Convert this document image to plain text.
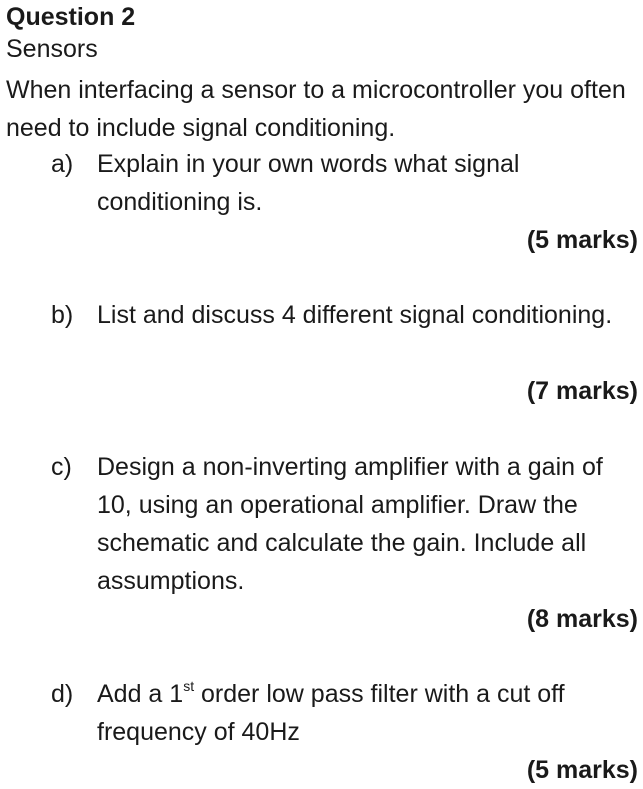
Question 2
Sensors
When interfacing a sensor to a microcontroller you often need to include signal conditioning.
a) Explain in your own words what signal conditioning is.
(5 marks)
b) List and discuss 4 different signal conditioning.
(7 marks)
c) Design a non-inverting amplifier with a gain of 10, using an operational amplifier. Draw the schematic and calculate the gain. Include all assumptions.
(8 marks)
d) Add a 1st order low pass filter with a cut off frequency of 40Hz
(5 marks)
